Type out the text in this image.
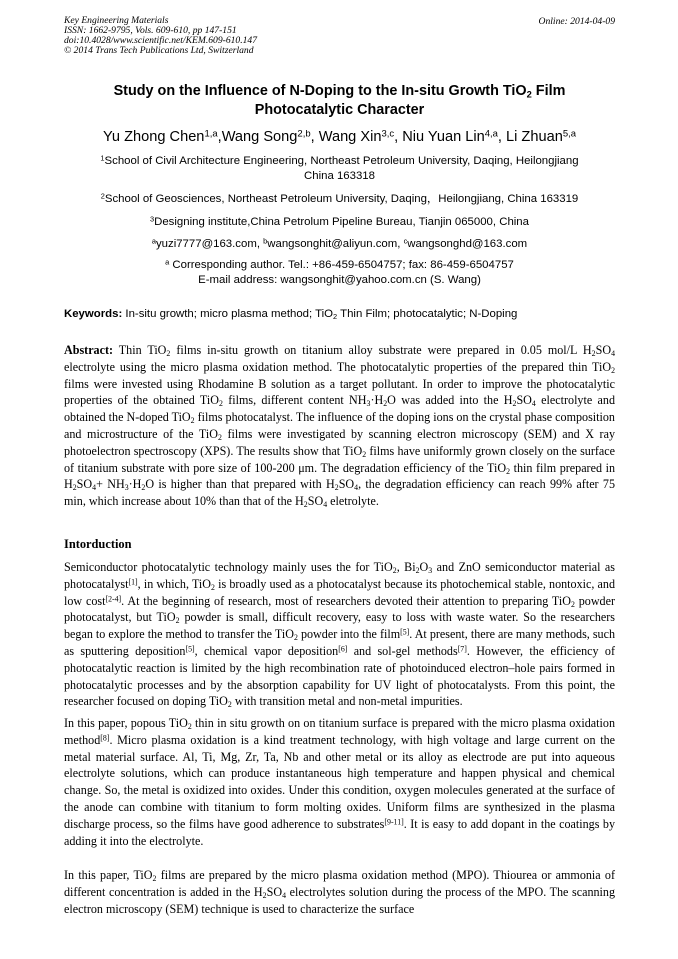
Key Engineering Materials
ISSN: 1662-9795, Vols. 609-610, pp 147-151
doi:10.4028/www.scientific.net/KEM.609-610.147
© 2014 Trans Tech Publications Ltd, Switzerland
Online: 2014-04-09
Study on the Influence of N-Doping to the In-situ Growth TiO$_2$ Film
Photocatalytic Character
Yu Zhong Chen$^{1,a}$,Wang Song$^{2,b}$, Wang Xin$^{3,c}$, Niu Yuan Lin$^{4,a}$, Li Zhuan$^{5,a}$
$^1$School of Civil Architecture Engineering, Northeast Petroleum University, Daqing, Heilongjiang
China 163318
$^2$School of Geosciences, Northeast Petroleum University, Daqing，Heilongjiang, China 163319
$^3$Designing institute,China Petrolum Pipeline Bureau, Tianjin 065000, China
$^a$yuzi7777@163.com, $^b$wangsonghit@aliyun.com, $^c$wangsonghd@163.com
$^a$ Corresponding author. Tel.: +86-459-6504757; fax: 86-459-6504757
E-mail address: wangsonghit@yahoo.com.cn (S. Wang)
Keywords: In-situ growth; micro plasma method; TiO$_2$ Thin Film; photocatalytic; N-Doping

Abstract: Thin TiO$_2$ films in-situ growth on titanium alloy substrate were prepared in 0.05 mol/L $H_2SO_4$ electrolyte using the micro plasma oxidation method. The photocatalytic properties of the prepared thin TiO$_2$ films were invested using Rhodamine B solution as a target pollutant. In order to improve the photocatalytic properties of the obtained TiO$_2$ films, different content $NH_3\cdot H_2O$ was added into the $H_2SO_4$ electrolyte and obtained the N-doped TiO$_2$ films photocatalyst. The influence of the doping ions on the crystal phase composition and microstructure of the TiO$_2$ films were investigated by scanning electron microscopy (SEM) and X ray photoelectron spectroscopy (XPS). The results show that TiO$_2$ films have uniformly grown closely on the surface of titanium substrate with pore size of 100-200 μm. The degradation efficiency of the TiO$_2$ thin film prepared in $H_2SO_4+ NH_3\cdot H_2O$ is higher than that prepared with $H_2SO_4$, the degradation efficiency can reach 99% after 75 min, which increase about 10% than that of the $H_2SO_4$ eletrolyte.

Intorduction

Semiconductor photocatalytic technology mainly uses the for TiO$_2$, $Bi_2O_3$ and ZnO semiconductor material as photocatalyst[1], in which, TiO$_2$ is broadly used as a photocatalyst because its photochemical stable, nontoxic, and low cost[2-4]. At the beginning of research, most of researchers devoted their attention to preparing TiO$_2$ powder photocatalyst, but TiO$_2$ powder is small, difficult recovery, easy to loss with waste water. So the researchers began to explore the method to transfer the TiO$_2$ powder into the film[5]. At present, there are many methods, such as sputtering deposition[5], chemical vapor deposition[6] and sol-gel methods[7]. However, the efficiency of photocatalytic reaction is limited by the high recombination rate of photoinduced electron–hole pairs formed in photocatalytic processes and by the absorption capability for UV light of photocatalysts. From this point, the researcher focused on doping TiO$_2$ with transition metal and non-metal impurities.

In this paper, popous TiO$_2$ thin in situ growth on on titanium surface is prepared with the micro plasma oxidation method[8]. Micro plasma oxidation is a kind treatment technology, with high voltage and large current on the metal material surface. Al, Ti, Mg, Zr, Ta, Nb and other metal or its alloy as electrode are put into aqueous electrolyte solutions, which can produce instantaneous high temperature and happen physical and chemical change. So, the metal is oxidized into oxides. Under this condition, oxygen molecules generated at the surface of the anode can combine with titanium to form molting oxides. Uniform films are synthesized in the plasma discharge process, so the films have good adherence to substrates[9-11]. It is easy to add dopant in the coatings by adding it into the electrolyte.

In this paper, TiO$_2$ films are prepared by the micro plasma oxidation method (MPO). Thiourea or ammonia of different concentration is added in the $H_2SO_4$ electrolytes solution during the process of the MPO. The scanning electron microscopy (SEM) technique is used to characterize the surface
